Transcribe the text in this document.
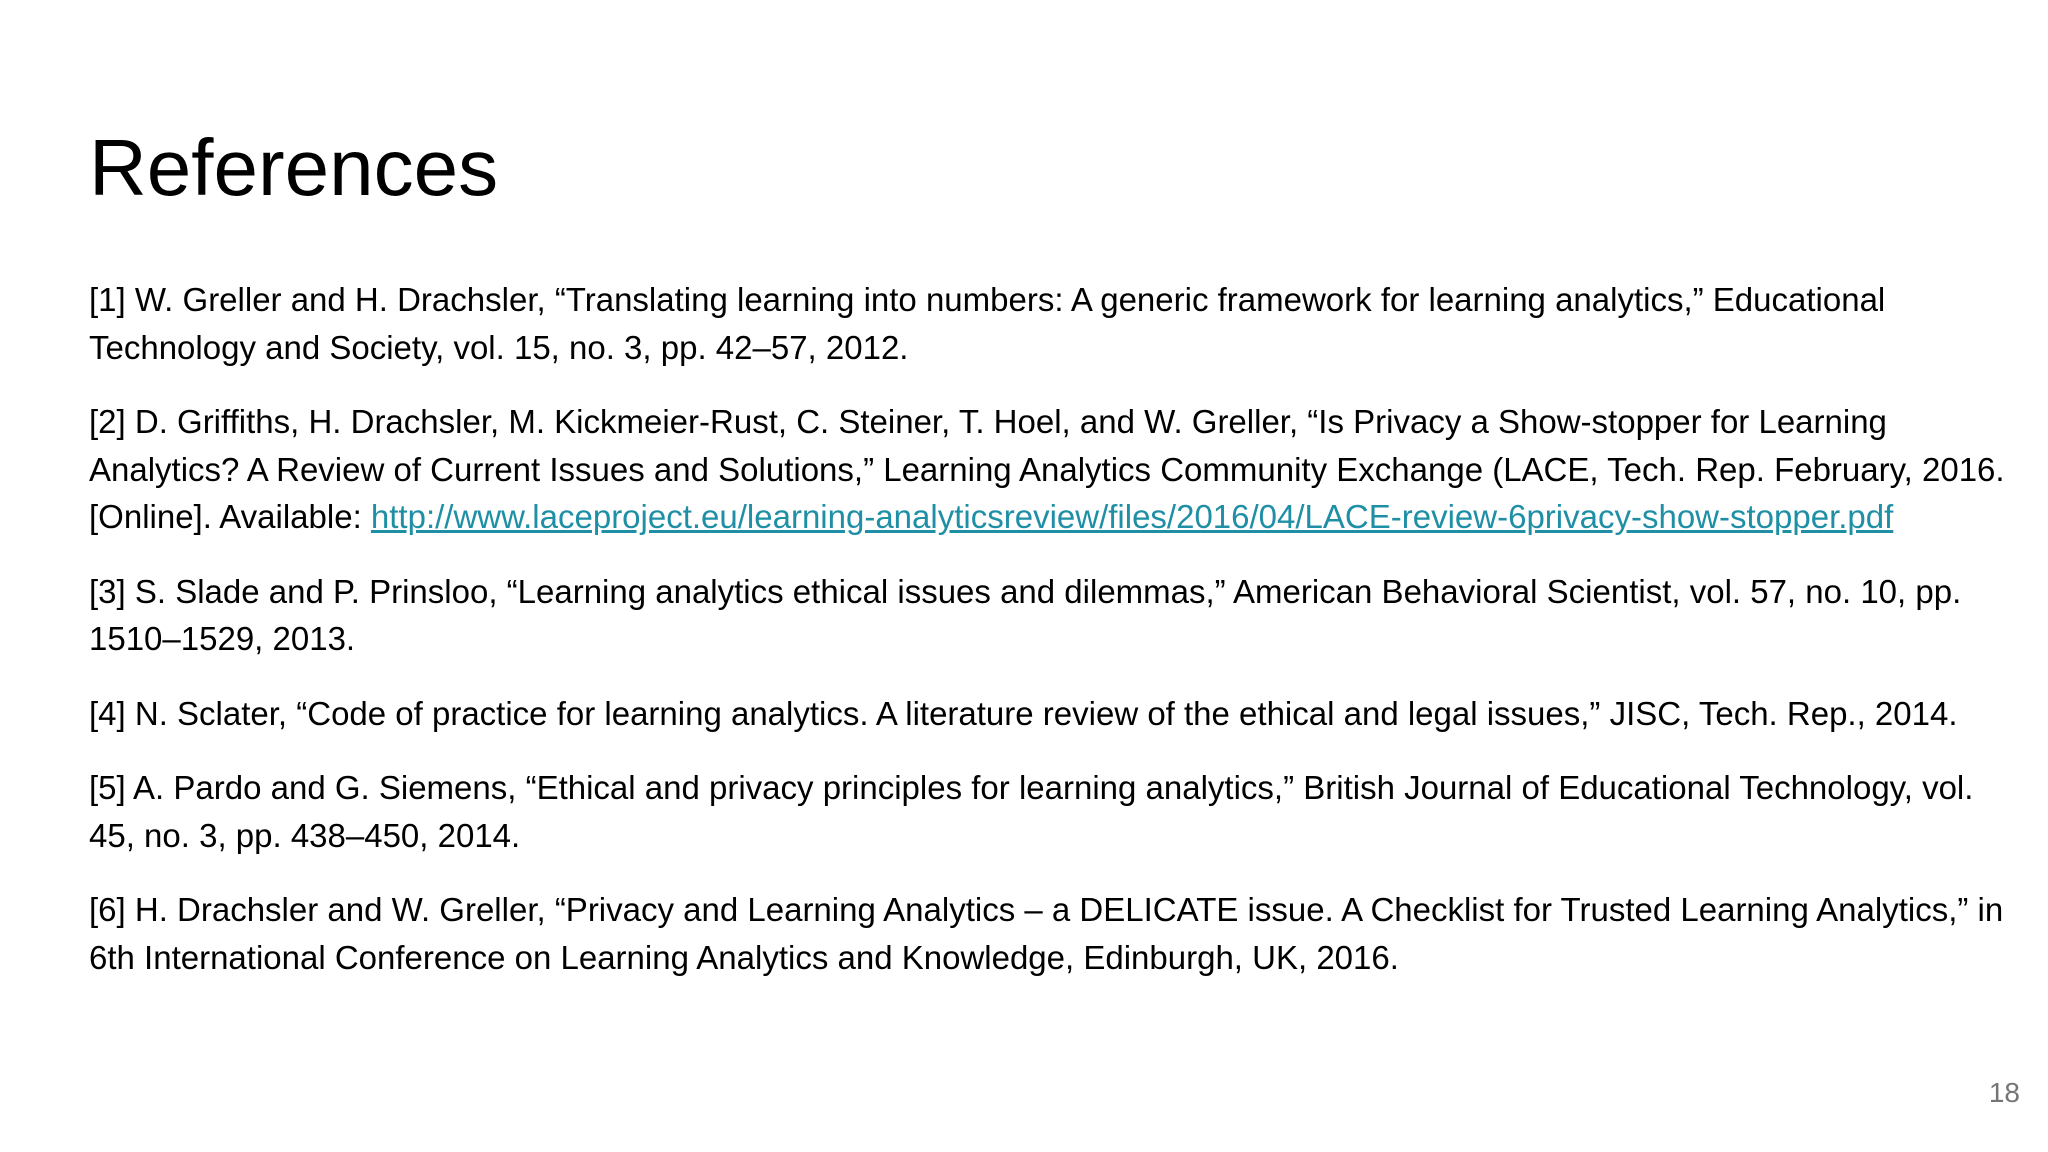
References
[1] W. Greller and H. Drachsler, “Translating learning into numbers: A generic framework for learning analytics,” Educational Technology and Society, vol. 15, no. 3, pp. 42–57, 2012.
[2] D. Griffiths, H. Drachsler, M. Kickmeier-Rust, C. Steiner, T. Hoel, and W. Greller, “Is Privacy a Show-stopper for Learning Analytics? A Review of Current Issues and Solutions,” Learning Analytics Community Exchange (LACE, Tech. Rep. February, 2016. [Online]. Available: http://www.laceproject.eu/learning-analyticsreview/files/2016/04/LACE-review-6privacy-show-stopper.pdf
[3] S. Slade and P. Prinsloo, “Learning analytics ethical issues and dilemmas,” American Behavioral Scientist, vol. 57, no. 10, pp. 1510–1529, 2013.
[4] N. Sclater, “Code of practice for learning analytics. A literature review of the ethical and legal issues,” JISC, Tech. Rep., 2014.
[5] A. Pardo and G. Siemens, “Ethical and privacy principles for learning analytics,” British Journal of Educational Technology, vol. 45, no. 3, pp. 438–450, 2014.
[6] H. Drachsler and W. Greller, “Privacy and Learning Analytics – a DELICATE issue. A Checklist for Trusted Learning Analytics,” in 6th International Conference on Learning Analytics and Knowledge, Edinburgh, UK, 2016.
18
